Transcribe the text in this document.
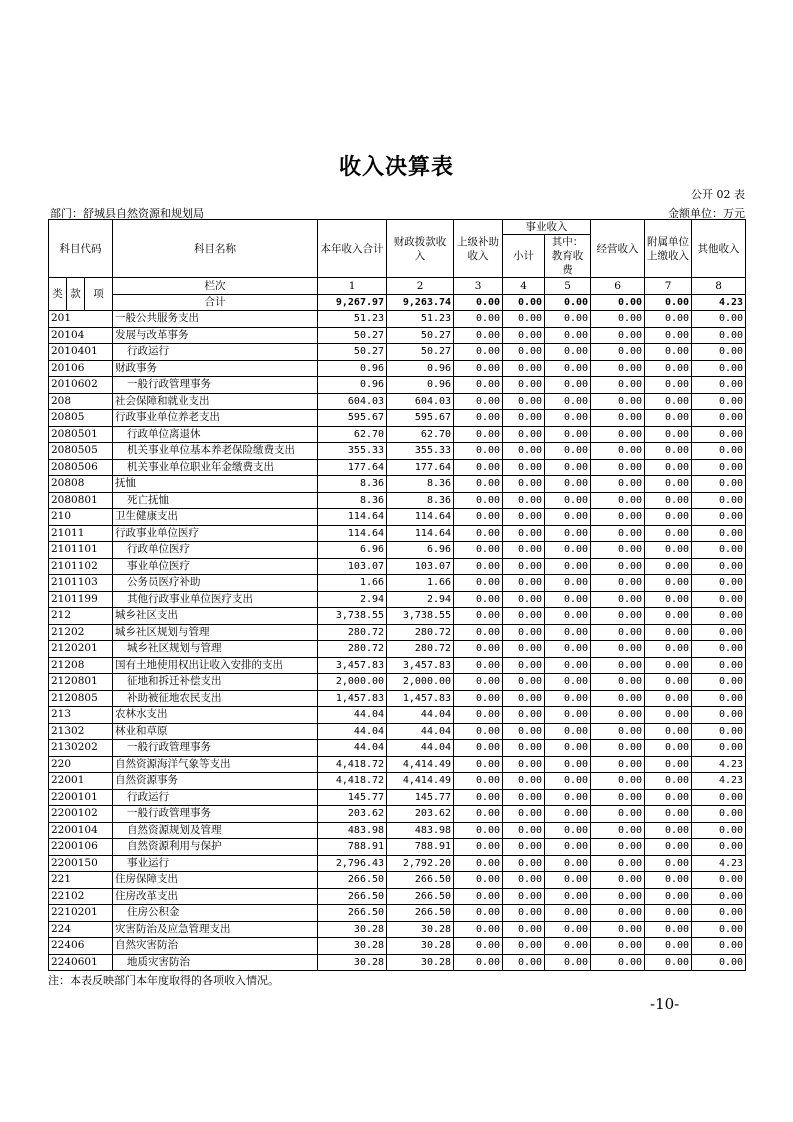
收入决算表
公开 02 表
部门：舒城县自然资源和规划局	金额单位：万元
科目代码			科目名称	本年收入合计	财政拨款收入	上级补助收入	事业收入		经营收入	附属单位上缴收入	其他收入
							小计	其中：教育收费			
类	款	项	栏次	1	2	3	4	5	6	7	8
			合计	9,267.97	9,263.74	0.00	0.00	0.00	0.00	0.00	4.23
201			一般公共服务支出	51.23	51.23	0.00	0.00	0.00	0.00	0.00	0.00
20104			发展与改革事务	50.27	50.27	0.00	0.00	0.00	0.00	0.00	0.00
2010401			行政运行	50.27	50.27	0.00	0.00	0.00	0.00	0.00	0.00
20106			财政事务	0.96	0.96	0.00	0.00	0.00	0.00	0.00	0.00
2010602			一般行政管理事务	0.96	0.96	0.00	0.00	0.00	0.00	0.00	0.00
208			社会保障和就业支出	604.03	604.03	0.00	0.00	0.00	0.00	0.00	0.00
20805			行政事业单位养老支出	595.67	595.67	0.00	0.00	0.00	0.00	0.00	0.00
2080501			行政单位离退休	62.70	62.70	0.00	0.00	0.00	0.00	0.00	0.00
2080505			机关事业单位基本养老保险缴费支出	355.33	355.33	0.00	0.00	0.00	0.00	0.00	0.00
2080506			机关事业单位职业年金缴费支出	177.64	177.64	0.00	0.00	0.00	0.00	0.00	0.00
20808			抚恤	8.36	8.36	0.00	0.00	0.00	0.00	0.00	0.00
2080801			死亡抚恤	8.36	8.36	0.00	0.00	0.00	0.00	0.00	0.00
210			卫生健康支出	114.64	114.64	0.00	0.00	0.00	0.00	0.00	0.00
21011			行政事业单位医疗	114.64	114.64	0.00	0.00	0.00	0.00	0.00	0.00
2101101			行政单位医疗	6.96	6.96	0.00	0.00	0.00	0.00	0.00	0.00
2101102			事业单位医疗	103.07	103.07	0.00	0.00	0.00	0.00	0.00	0.00
2101103			公务员医疗补助	1.66	1.66	0.00	0.00	0.00	0.00	0.00	0.00
2101199			其他行政事业单位医疗支出	2.94	2.94	0.00	0.00	0.00	0.00	0.00	0.00
212			城乡社区支出	3,738.55	3,738.55	0.00	0.00	0.00	0.00	0.00	0.00
21202			城乡社区规划与管理	280.72	280.72	0.00	0.00	0.00	0.00	0.00	0.00
2120201			城乡社区规划与管理	280.72	280.72	0.00	0.00	0.00	0.00	0.00	0.00
21208			国有土地使用权出让收入安排的支出	3,457.83	3,457.83	0.00	0.00	0.00	0.00	0.00	0.00
2120801			征地和拆迁补偿支出	2,000.00	2,000.00	0.00	0.00	0.00	0.00	0.00	0.00
2120805			补助被征地农民支出	1,457.83	1,457.83	0.00	0.00	0.00	0.00	0.00	0.00
213			农林水支出	44.04	44.04	0.00	0.00	0.00	0.00	0.00	0.00
21302			林业和草原	44.04	44.04	0.00	0.00	0.00	0.00	0.00	0.00
2130202			一般行政管理事务	44.04	44.04	0.00	0.00	0.00	0.00	0.00	0.00
220			自然资源海洋气象等支出	4,418.72	4,414.49	0.00	0.00	0.00	0.00	0.00	4.23
22001			自然资源事务	4,418.72	4,414.49	0.00	0.00	0.00	0.00	0.00	4.23
2200101			行政运行	145.77	145.77	0.00	0.00	0.00	0.00	0.00	0.00
2200102			一般行政管理事务	203.62	203.62	0.00	0.00	0.00	0.00	0.00	0.00
2200104			自然资源规划及管理	483.98	483.98	0.00	0.00	0.00	0.00	0.00	0.00
2200106			自然资源利用与保护	788.91	788.91	0.00	0.00	0.00	0.00	0.00	0.00
2200150			事业运行	2,796.43	2,792.20	0.00	0.00	0.00	0.00	0.00	4.23
221			住房保障支出	266.50	266.50	0.00	0.00	0.00	0.00	0.00	0.00
22102			住房改革支出	266.50	266.50	0.00	0.00	0.00	0.00	0.00	0.00
2210201			住房公积金	266.50	266.50	0.00	0.00	0.00	0.00	0.00	0.00
224			灾害防治及应急管理支出	30.28	30.28	0.00	0.00	0.00	0.00	0.00	0.00
22406			自然灾害防治	30.28	30.28	0.00	0.00	0.00	0.00	0.00	0.00
2240601			地质灾害防治	30.28	30.28	0.00	0.00	0.00	0.00	0.00	0.00
注：本表反映部门本年度取得的各项收入情况。
-10-
